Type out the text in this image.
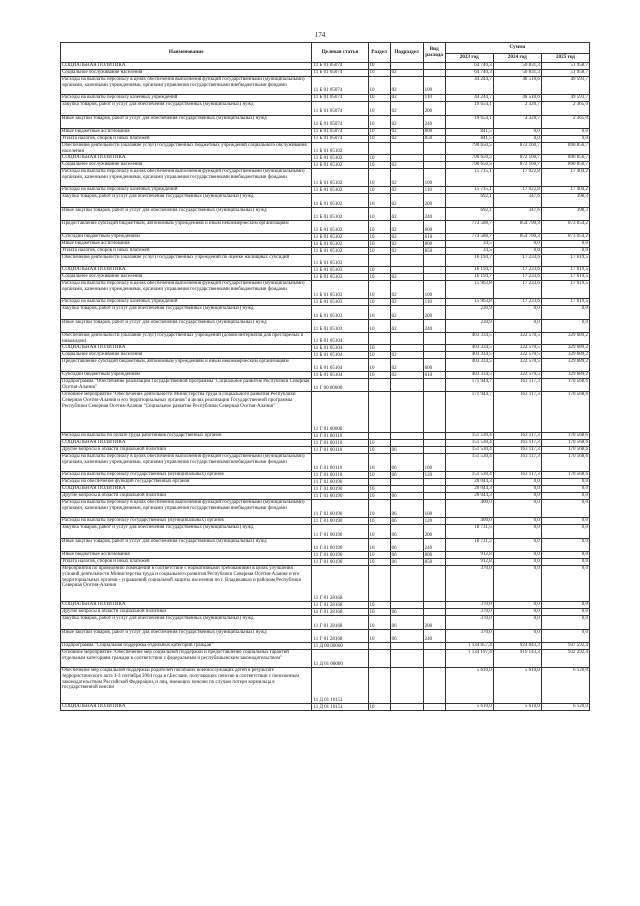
174
Наименование	Целевая статья	Раздел	Подраздел	Вид расхода	Сумма		
					2023 год	2024 год	2025 год
СОЦИАЛЬНАЯ ПОЛИТИКА	11 Б 01 05074	10			64 740,3	50 831,3	51 958,7
Социальное обслуживание населения	11 Б 01 05074	10	02		64 740,3	50 831,3	51 958,7
Расходы на выплаты персоналу в целях обеспечения выполнения функций государственными (муниципальными) органами, казенными учреждениями, органами управления государственными внебюджетными фондами	11 Б 01 05074	10	02	100	44 244,7	48 510,6	49 593,7
Расходы на выплаты персоналу казенных учреждений	11 Б 01 05074	10	02	110	44 244,7	48 510,6	49 593,7
Закупка товаров, работ и услуг для обеспечения государственных (муниципальных) нужд	11 Б 01 05074	10	02	200	19 654,1	2 320,7	2 365,0
Иные закупки товаров, работ и услуг для обеспечения государственных (муниципальных) нужд	11 Б 01 05074	10	02	240	19 654,1	2 320,7	2 365,0
Иные бюджетные ассигнования	11 Б 01 05074	10	02	800	841,5	0,0	0,0
Уплата налогов, сборов и иных платежей	11 Б 01 05074	10	02	850	841,5	0,0	0,0
Обеспечение деятельности (оказание услуг) государственных бюджетных учреждений социального обслуживания населения	11 Б 01 05102				790 650,5	872 160,7	890 856,7
СОЦИАЛЬНАЯ ПОЛИТИКА	11 Б 01 05102	10			790 650,5	872 160,7	890 856,7
Социальное обслуживание населения	11 Б 01 05102	10	02		790 650,5	872 160,7	890 856,7
Расходы на выплаты персоналу в целях обеспечения выполнения функций государственными (муниципальными) органами, казенными учреждениями, органами управления государственными внебюджетными фондами	11 Б 01 05102	10	02	100	15 715,1	17 022,8	17 404,2
Расходы на выплаты персоналу казенных учреждений	11 Б 01 05102	10	02	110	15 715,1	17 022,8	17 404,2
Закупка товаров, работ и услуг для обеспечения государственных (муниципальных) нужд	11 Б 01 05102	10	02	200	692,1	347,6	398,3
Иные закупки товаров, работ и услуг для обеспечения государственных (муниципальных) нужд	11 Б 01 05102	10	02	240	692,1	347,6	398,3
Предоставление субсидий бюджетным, автономным учреждениям и иным некоммерческим организациям	11 Б 01 05102	10	02	600	773 588,7	854 790,3	873 054,2
Субсидии бюджетным учреждениям	11 Б 01 05102	10	02	610	773 588,7	854 790,3	873 054,2
Иные бюджетные ассигнования	11 Б 01 05102	10	02	800	34,5	0,0	0,0
Уплата налогов, сборов и иных платежей	11 Б 01 05102	10	02	850	34,5	0,0	0,0
Обеспечение деятельности (оказание услуг) государственных учреждений по оценке жилищных субсидий	11 Б 01 05103				16 194,7	17 233,6	17 619,5
СОЦИАЛЬНАЯ ПОЛИТИКА	11 Б 01 05103	10			16 194,7	17 233,6	17 619,5
Социальное обслуживание населения	11 Б 01 05103	10	02		16 194,7	17 233,6	17 619,5
Расходы на выплаты персоналу в целях обеспечения выполнения функций государственными (муниципальными) органами, казенными учреждениями, органами управления государственными внебюджетными фондами	11 Б 01 05103	10	02	100	15 963,8	17 233,6	17 619,5
Расходы на выплаты персоналу казенных учреждений	11 Б 01 05103	10	02	110	15 963,8	17 233,6	17 619,5
Закупка товаров, работ и услуг для обеспечения государственных (муниципальных) нужд	11 Б 01 05103	10	02	200	230,9	0,0	0,0
Иные закупки товаров, работ и услуг для обеспечения государственных (муниципальных) нужд	11 Б 01 05103	10	02	240	230,9	0,0	0,0
Обеспечение деятельности (оказание услуг) государственных учреждений (домов-интернатов для престарелых и инвалидов)	11 Б 01 05104				403 334,5	322 570,5	329 689,2
СОЦИАЛЬНАЯ ПОЛИТИКА	11 Б 01 05104	10			403 334,5	322 570,5	329 689,2
Социальное обслуживание населения	11 Б 01 05104	10	02		403 334,5	322 570,5	329 689,2
Предоставление субсидий бюджетным, автономным учреждениям и иным некоммерческим организациям	11 Б 01 05104	10	02	600	403 334,5	322 570,5	329 689,2
Субсидии бюджетным учреждениям	11 Б 01 05104	10	02	610	403 334,5	322 570,5	329 689,2
Подпрограмма "Обеспечение реализации Государственной программы "Социальное развитие Республики Северная Осетия-Алания"	11 Г 00 00000				171 944,7	163 117,3	170 568,6
Основное мероприятие "Обеспечение деятельности Министерства труда и социального развития Республики Северная Осетия-Алания и его территориальных органов" в целях реализации Государственной программы Республики Северная Осетия-Алания "Социальное развитие Республики Северная Осетия-Алания"	11 Г 01 00000				171 944,7	163 117,3	170 568,6
Расходы на выплаты по оплате труда работников государственных органов	11 Г 01 00110				151 530,4	163 117,3	170 568,6
СОЦИАЛЬНАЯ ПОЛИТИКА	11 Г 01 00110	10			151 530,4	163 117,3	170 568,6
Другие вопросы в области социальной политики	11 Г 01 00110	10	06		151 530,4	163 117,3	170 568,6
Расходы на выплаты персоналу в целях обеспечения выполнения функций государственными (муниципальными) органами, казенными учреждениями, органами управления государственными внебюджетными фондами	11 Г 01 00110	10	06	100	151 530,4	163 117,3	170 568,6
Расходы на выплаты персоналу государственных (муниципальных) органов	11 Г 01 00110	10	06	120	151 530,4	163 117,3	170 568,6
Расходы на обеспечение функций государственных органов	11 Г 01 00190				20 044,3	0,0	0,0
СОЦИАЛЬНАЯ ПОЛИТИКА	11 Г 01 00190	10			20 044,3	0,0	0,0
Другие вопросы в области социальной политики	11 Г 01 00190	10	06		20 044,3	0,0	0,0
Расходы на выплаты персоналу в целях обеспечения выполнения функций государственными (муниципальными) органами, казенными учреждениями, органами управления государственными внебюджетными фондами	11 Г 01 00190	10	06	100	400,0	0,0	0,0
Расходы на выплаты персоналу государственных (муниципальных) органов	11 Г 01 00190	10	06	120	400,0	0,0	0,0
Закупка товаров, работ и услуг для обеспечения государственных (муниципальных) нужд	11 Г 01 00190	10	06	200	18 731,5	0,0	0,0
Иные закупки товаров, работ и услуг для обеспечения государственных (муниципальных) нужд	11 Г 01 00190	10	06	240	18 731,5	0,0	0,0
Иные бюджетные ассигнования	11 Г 01 00190	10	06	800	912,8	0,0	0,0
Уплата налогов, сборов и иных платежей	11 Г 01 00190	10	06	850	912,8	0,0	0,0
Мероприятия по проведению помещений в соответствие с нормативными требованиями в целях улучшения условий деятельности Министерства труда и социального развития Республики Северная Осетия-Алания и его территориальных органов - управлений социальной защиты населения по г. Владикавказ и районам Республики Северная Осетия-Алания	11 Г 01 28168				370,0	0,0	0,0
СОЦИАЛЬНАЯ ПОЛИТИКА	11 Г 01 28168	10			370,0	0,0	0,0
Другие вопросы в области социальной политики	11 Г 01 28168	10	06		370,0	0,0	0,0
Закупка товаров, работ и услуг для обеспечения государственных (муниципальных) нужд	11 Г 01 28168	10	06	200	370,0	0,0	0,0
Иные закупки товаров, работ и услуг для обеспечения государственных (муниципальных) нужд	11 Г 01 28168	10	06	240	370,0	0,0	0,0
Подпрограмма "Социальная поддержка отдельных категорий граждан"	11 Д 00 00000				1 134 857,4	924 043,3	937 592,4
Основное мероприятие "Обеспечение мер социальной поддержки и предоставление социальных гарантий отдельным категориям граждан в соответствии с федеральным и республиканским законодательством"	11 Д 01 00000				1 134 197,4	919 143,3	932 292,4
Обеспечение мер социальной поддержки родителей погибших военнослужащих детей в результате террористического акта 1-3 сентября 2004 года в г.Беслане, получающих пенсию в соответствии с пенсионным законодательством Российской Федерации, и лиц, имеющих пенсию по случаю потери кормильца в государственной пенсии	11 Д 01 10151				5 610,0	5 610,0	6 120,0
СОЦИАЛЬНАЯ ПОЛИТИКА	11 Д 01 10151	10			5 610,0	5 610,0	6 120,0
